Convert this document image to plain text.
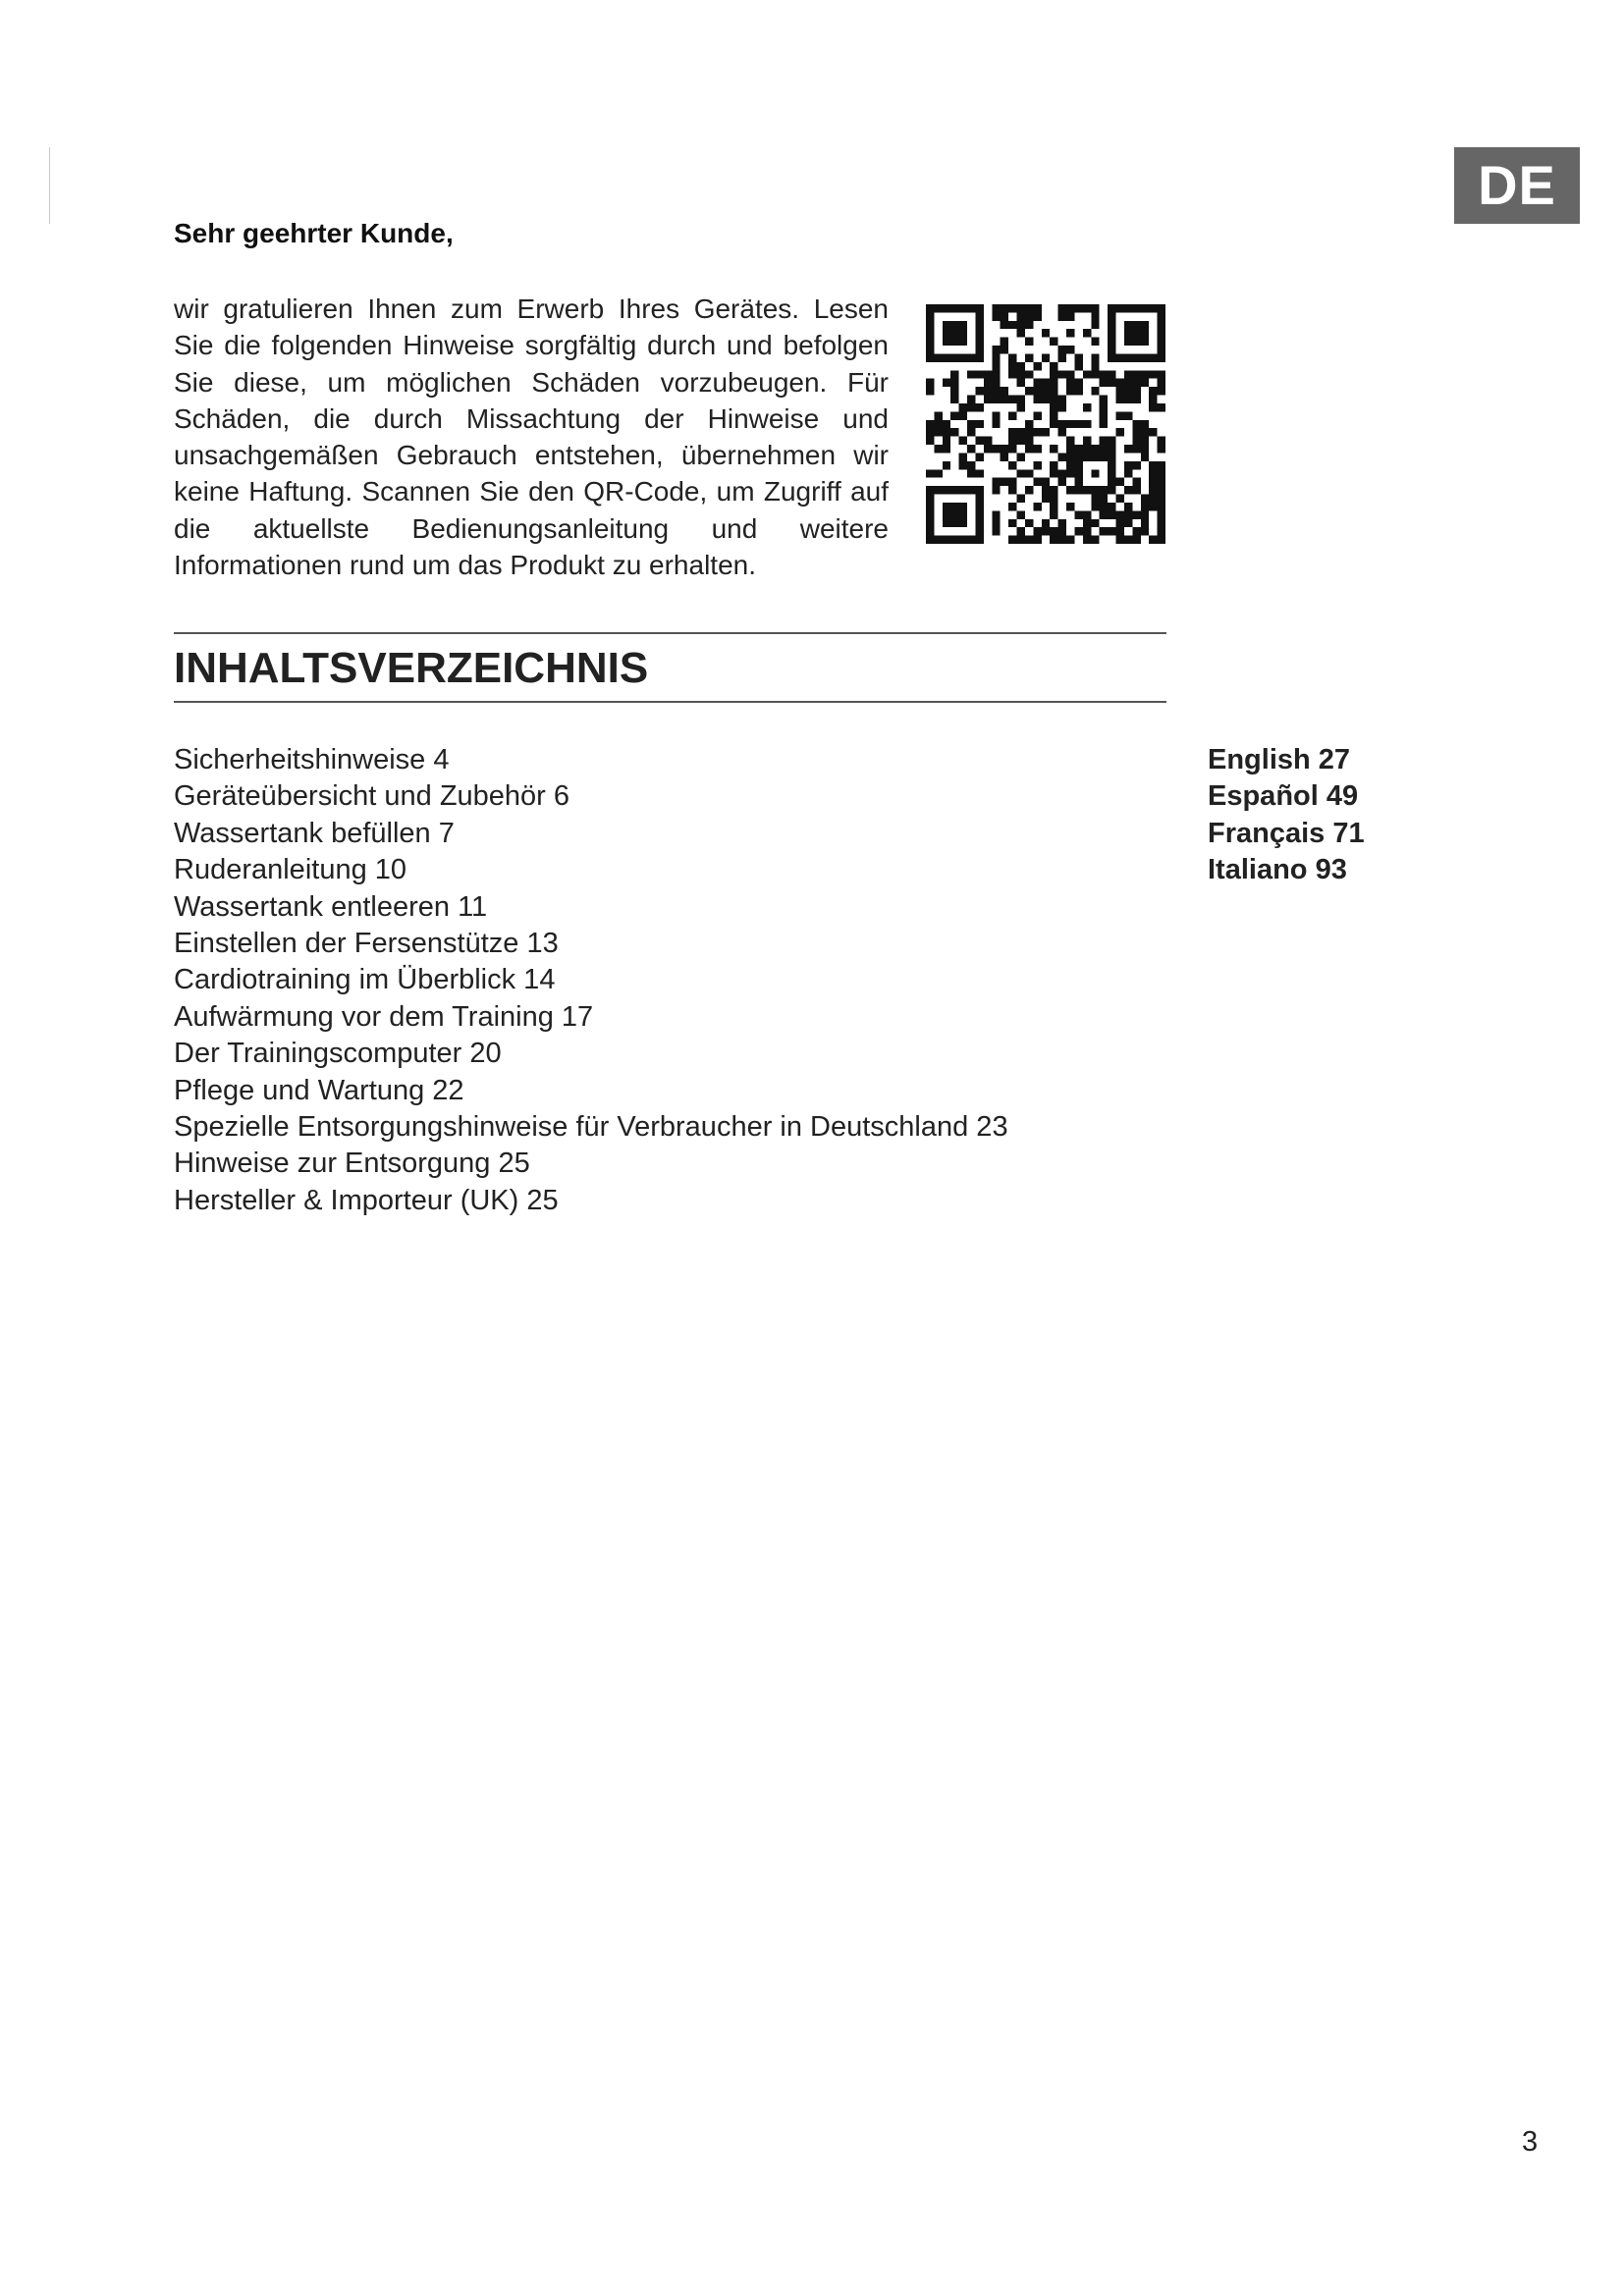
DE
Sehr geehrter Kunde,
wir gratulieren Ihnen zum Erwerb Ihres Gerätes. Lesen Sie die folgenden Hinweise sorgfältig durch und befolgen Sie diese, um möglichen Schäden vorzubeugen. Für Schäden, die durch Missachtung der Hinweise und unsachgemäßen Gebrauch entstehen, übernehmen wir keine Haftung. Scannen Sie den QR-Code, um Zugriff auf die aktuellste Bedienungsanleitung und weitere Informationen rund um das Produkt zu erhalten.
INHALTSVERZEICHNIS
Sicherheitshinweise 4
Geräteübersicht und Zubehör 6
Wassertank befüllen 7
Ruderanleitung 10
Wassertank entleeren 11
Einstellen der Fersenstütze 13
Cardiotraining im Überblick 14
Aufwärmung vor dem Training 17
Der Trainingscomputer 20
Pflege und Wartung 22
Spezielle Entsorgungshinweise für Verbraucher in Deutschland 23
Hinweise zur Entsorgung 25
Hersteller & Importeur (UK) 25
English 27
Español 49
Français 71
Italiano 93
3
